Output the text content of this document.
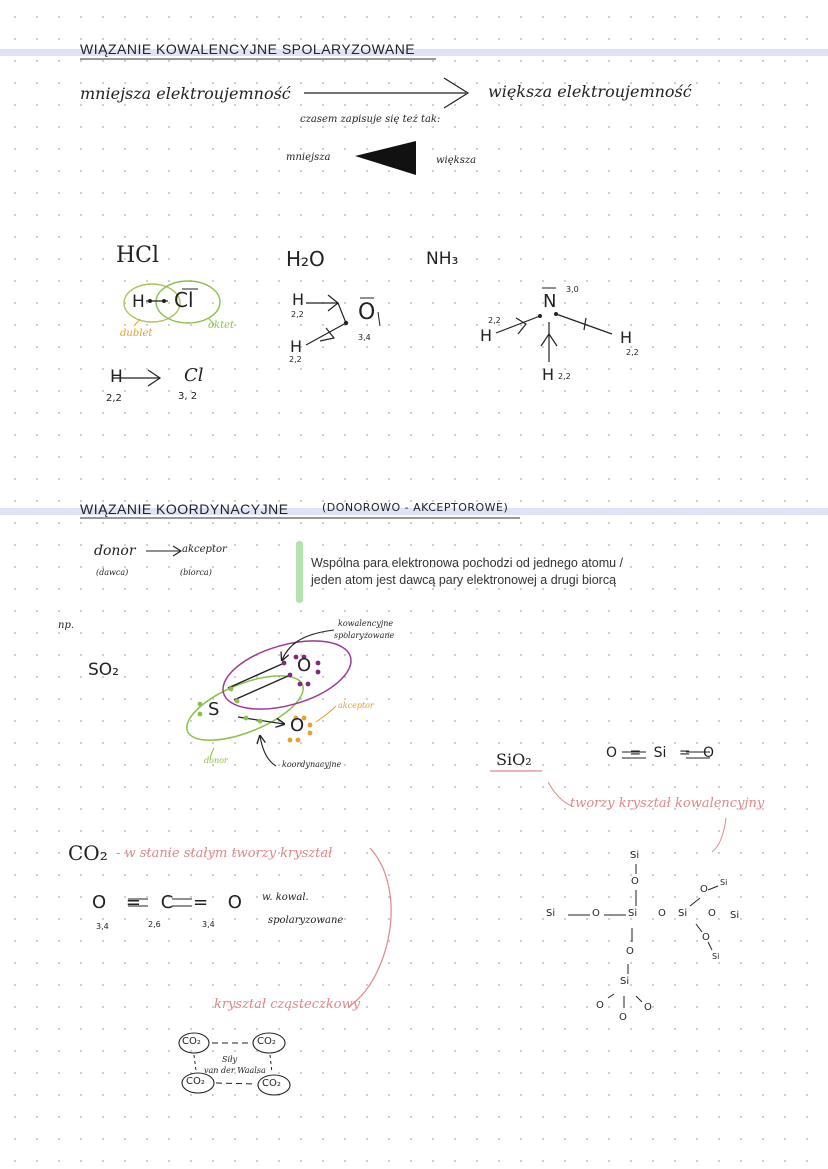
WIĄZANIE KOWALENCYJNE SPOLARYZOWANE
mniejsza elektroujemność	większa elektroujemność
czasem zapisuje się też tak:
mniejsza	większa
HCl
H Cl
dublet
oktet
H	Cl
2,2	3, 2
H₂O
H
2,2
H
2,2
O
3,4
NH₃
N
3,0
H
2,2
H
2,2
H 2,2
WIĄZANIE KOORDYNACYJNE	(DONOROWO - AKCEPTOROWE)
donor	akceptor
(dawca)	(biorca)
Wspólna para elektronowa pochodzi od jednego atomu /
jeden atom jest dawcą pary elektronowej a drugi biorcą
np.
SO₂
S
O
O
kowalencyjne
spolaryzowane
akceptor
donor	koordynacyjne	SiO₂	O = Si = O
tworzy kryształ kowalencyjny
Si
O
Si	O	Si O Si O Si
O
Si
O
Si
O
Si
O
O
O
CO₂ - w stanie stałym tworzy kryształ
O = C = O
3,4	2,6	3,4
w. kowal.
spolaryzowane
kryształ cząsteczkowy
CO₂	CO₂
CO₂	CO₂
Siły
van der Waalsa
